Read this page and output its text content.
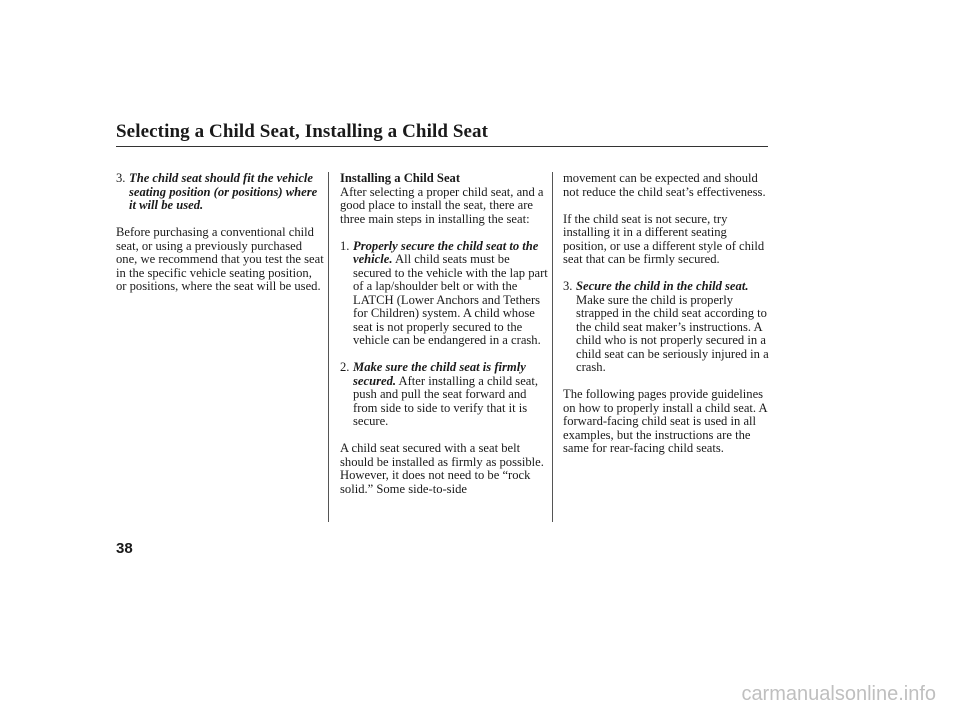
Selecting a Child Seat, Installing a Child Seat
3. The child seat should fit the vehicle seating position (or positions) where it will be used.

Before purchasing a conventional child seat, or using a previously purchased one, we recommend that you test the seat in the specific vehicle seating position, or positions, where the seat will be used.

Installing a Child Seat

After selecting a proper child seat, and a good place to install the seat, there are three main steps in installing the seat:

1. Properly secure the child seat to the vehicle. All child seats must be secured to the vehicle with the lap part of a lap/shoulder belt or with the LATCH (Lower Anchors and Tethers for Children) system. A child whose seat is not properly secured to the vehicle can be endangered in a crash.
2. Make sure the child seat is firmly secured. After installing a child seat, push and pull the seat forward and from side to side to verify that it is secure.

A child seat secured with a seat belt should be installed as firmly as possible. However, it does not need to be “rock solid.” Some side-to-side

movement can be expected and should not reduce the child seat’s effectiveness.

If the child seat is not secure, try installing it in a different seating position, or use a different style of child seat that can be firmly secured.

3. Secure the child in the child seat.
Make sure the child is properly strapped in the child seat according to the child seat maker’s instructions. A child who is not properly secured in a child seat can be seriously injured in a crash.

The following pages provide guidelines on how to properly install a child seat. A forward-facing child seat is used in all examples, but the instructions are the same for rear-facing child seats.

38
carmanualsonline.info
